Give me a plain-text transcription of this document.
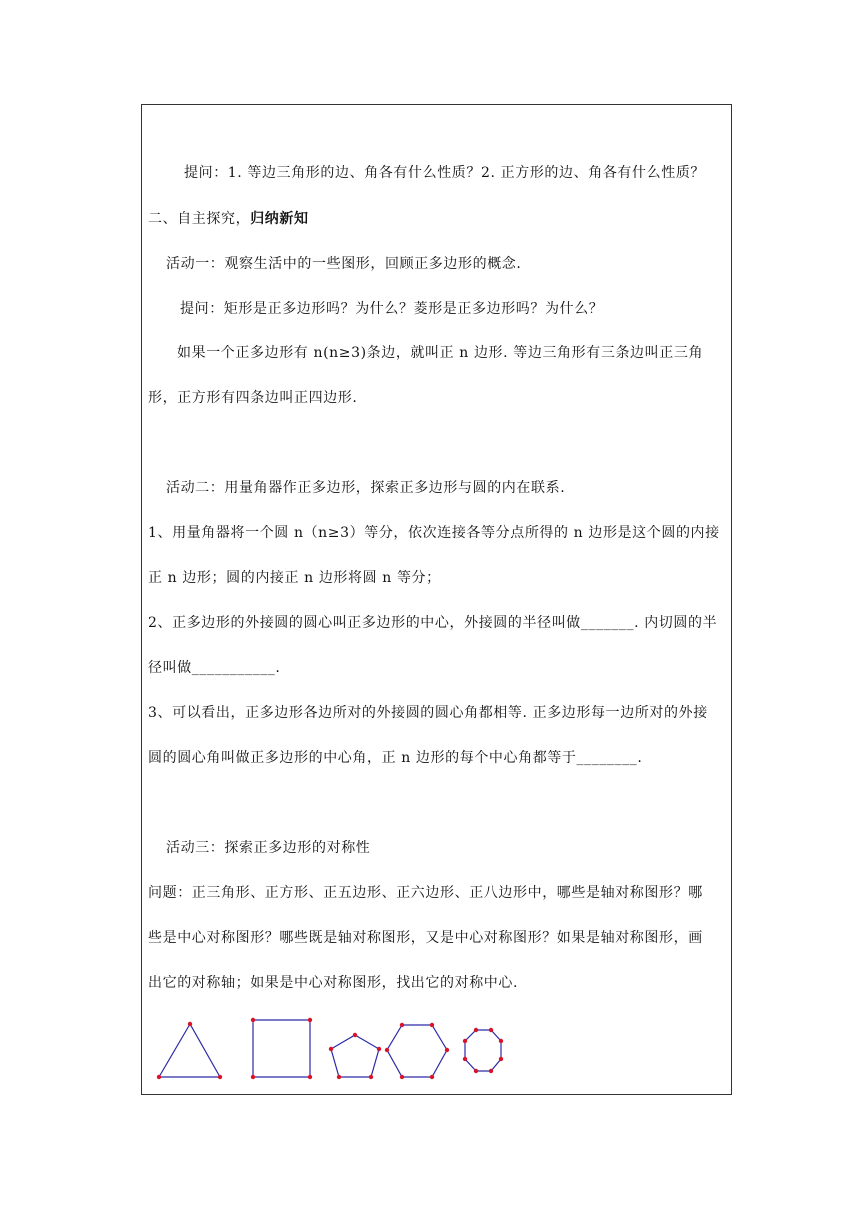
提问：1. 等边三角形的边、角各有什么性质？2. 正方形的边、角各有什么性质？
二、自主探究，归纳新知
活动一：观察生活中的一些图形，回顾正多边形的概念.
提问：矩形是正多边形吗？为什么？菱形是正多边形吗？为什么？
如果一个正多边形有 n(n≥3)条边，就叫正 n 边形. 等边三角形有三条边叫正三角
形，正方形有四条边叫正四边形.
活动二：用量角器作正多边形，探索正多边形与圆的内在联系.
1、用量角器将一个圆 n（n≥3）等分，依次连接各等分点所得的 n 边形是这个圆的内接
正 n 边形；圆的内接正 n 边形将圆 n 等分；
2、正多边形的外接圆的圆心叫正多边形的中心，外接圆的半径叫做_______. 内切圆的半
径叫做___________.
3、可以看出，正多边形各边所对的外接圆的圆心角都相等. 正多边形每一边所对的外接
圆的圆心角叫做正多边形的中心角，正 n 边形的每个中心角都等于________.
活动三：探索正多边形的对称性
问题：正三角形、正方形、正五边形、正六边形、正八边形中，哪些是轴对称图形？哪
些是中心对称图形？哪些既是轴对称图形，又是中心对称图形？如果是轴对称图形，画
出它的对称轴；如果是中心对称图形，找出它的对称中心.
